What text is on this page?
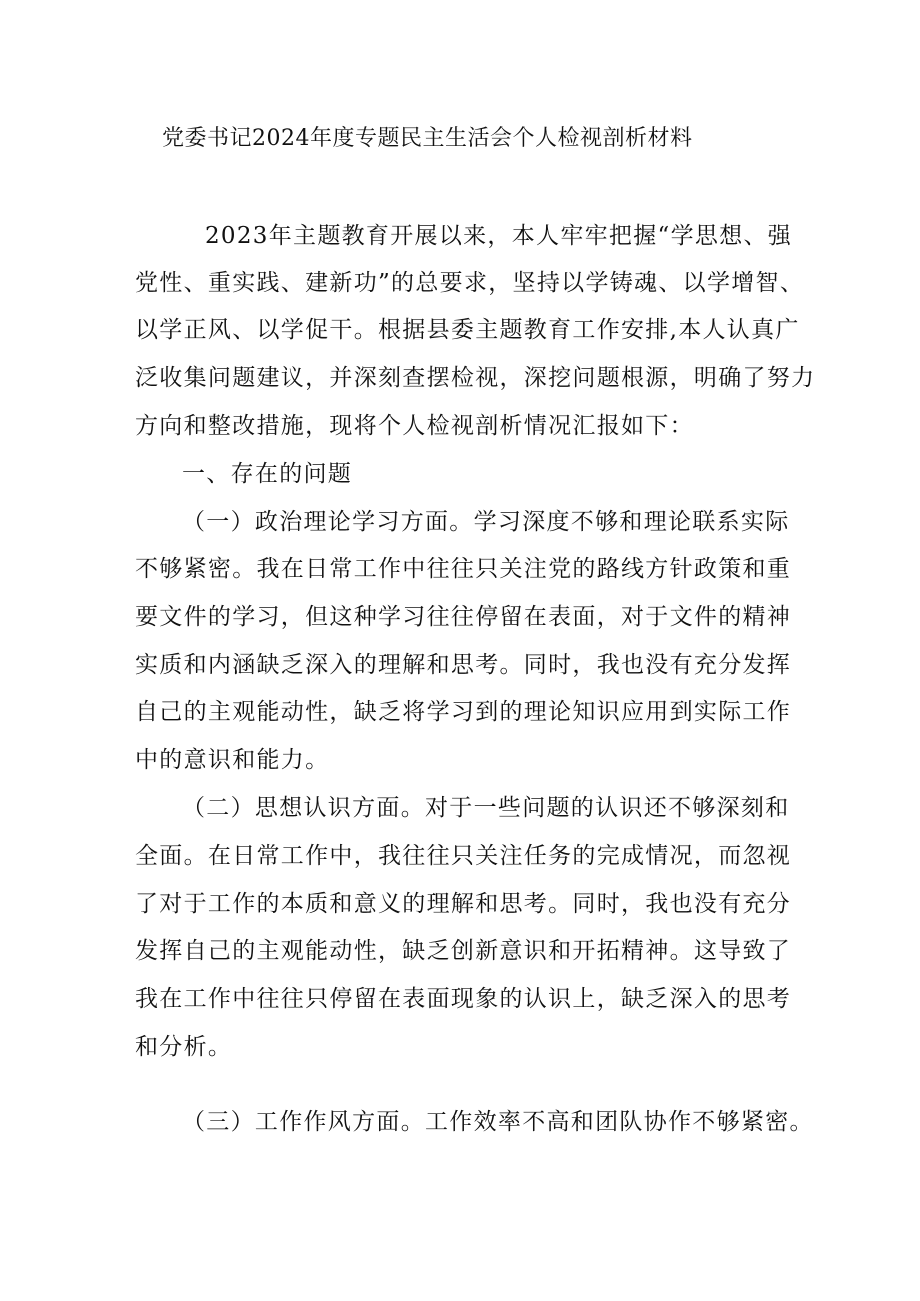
党委书记2024年度专题民主生活会个人检视剖析材料
2023年主题教育开展以来，本人牢牢把握“学思想、强
党性、重实践、建新功”的总要求，坚持以学铸魂、以学增智、
以学正风、以学促干。根据县委主题教育工作安排,本人认真广
泛收集问题建议，并深刻查摆检视，深挖问题根源，明确了努力
方向和整改措施，现将个人检视剖析情况汇报如下：
一、存在的问题
（一）政治理论学习方面。学习深度不够和理论联系实际
不够紧密。我在日常工作中往往只关注党的路线方针政策和重
要文件的学习，但这种学习往往停留在表面，对于文件的精神
实质和内涵缺乏深入的理解和思考。同时，我也没有充分发挥
自己的主观能动性，缺乏将学习到的理论知识应用到实际工作
中的意识和能力。
（二）思想认识方面。对于一些问题的认识还不够深刻和
全面。在日常工作中，我往往只关注任务的完成情况，而忽视
了对于工作的本质和意义的理解和思考。同时，我也没有充分
发挥自己的主观能动性，缺乏创新意识和开拓精神。这导致了
我在工作中往往只停留在表面现象的认识上，缺乏深入的思考
和分析。
（三）工作作风方面。工作效率不高和团队协作不够紧密。
